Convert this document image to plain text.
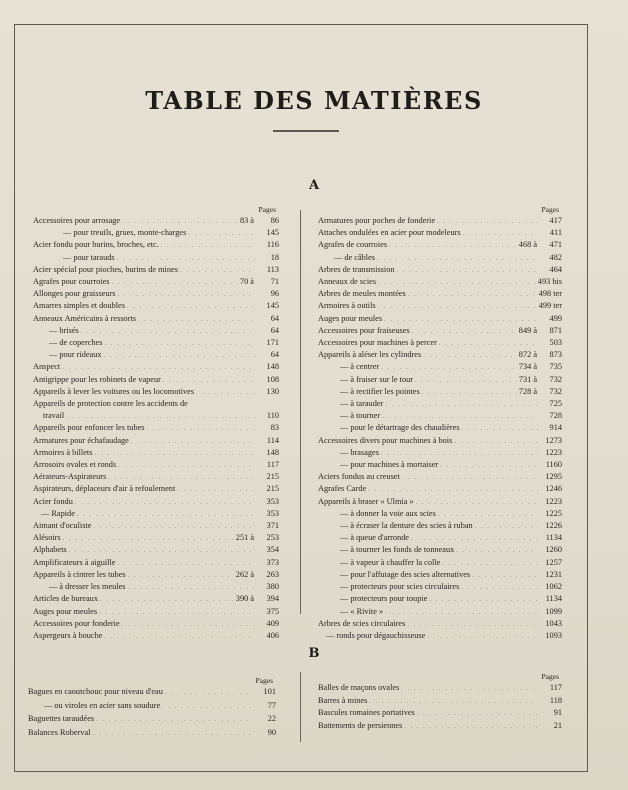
TABLE DES MATIÈRES
A
Pages
Accessoires pour arrosage . . .	83 à	86
— pour treuils, grues, monte-charges . . .	145
Acier fondu pour burins, broches, etc. . . .	116
— pour tarauds . . .	18
Acier spécial pour pioches, burins de mines . . .	113
Agrafes pour courroies . . .	70 à	71
Allonges pour graisseurs . . .	96
Amarres simples et doubles . . .	145
Anneaux Américains à ressorts . . .	64
— brisés . . .	64
— de coperches . . .	171
— pour rideaux . . .	64
Anspect . . .	148
Antigrippe pour les robinets de vapeur . . .	108
Appareils à lever les voitures ou les locomotives . . .	130
Appareils de protection contre les accidents de
travail . . .	110
Appareils pour enfoncer les tubes . . .	83
Armatures pour échafaudage . . .	114
Armoires à billets . . .	148
Arrosoirs ovales et ronds . . .	117
Aérateurs-Aspirateurs . . .	215
Aspirateurs, déplaceurs d'air à refoulement . . .	215
Acier fondu . . .	353
— Rapide . . .	353
Aimant d'oculiste . . .	371
Alésoirs . . .	251 à	253
Alphabets . . .	354
Amplificateurs à aiguille . . .	373
Appareils à cintrer les tubes . . .	262 à	263
— à dresser les meules . . .	380
Articles de bureaux . . .	390 à	394
Auges pour meules . . .	375
Accessoires pour fonderie . . .	409
Aspergeurs à bouche . . .	406
Pages
Armatures pour poches de fonderie . . .	417
Attaches ondulées en acier pour modeleurs . . .	411
Agrafes de courroies . . .	468 à	471
— de câbles . . .	482
Arbres de transmission . . .	464
Anneaux de scies . . .	493 bis
Arbres de meules montées . . .	498 ter
Armoires à outils . . .	499 ter
Auges pour meules . . .	499
Accessoires pour fraiseuses . . .	849 à	871
Accessoires pour machines à percer . . .	503
Appareils à aléser les cylindres . . .	872 à	873
— à centrer . . .	734 à	735
— à fraiser sur le tour . . .	731 à	732
— à rectifier les pointes . . .	728 à	732
— à tarauder . . .	725
— à tourner . . .	728
— pour le détartrage des chaudières . . .	914
Accessoires divers pour machines à bois . . .	1273
— brasages . . .	1223
— pour machines à mortaiser . . .	1160
Aciers fondus au creuset . . .	1295
Agrafes Carde . . .	1246
Appareils à braser « Ulmia » . . .	1223
— à donner la voie aux scies . . .	1225
— à écraser la denture des scies à ruban . . .	1226
— à queue d'arronde . . .	1134
— à tourner les fonds de tonneaux . . .	1260
— à vapeur à chauffer la colle . . .	1257
— pour l'affutage des scies alternatives . . .	1231
— protecteurs pour scies circulaires . . .	1062
— protecteurs pour toupie . . .	1134
— « Rivite » . . .	1099
Arbres de scies circulaires . . .	1043
— ronds pour dégauchisseuse . . .	1093
B
Pages
Bagues en caoutchouc pour niveau d'eau . . .	101
— ou viroles en acier sans soudure . . .	77
Baguettes taraudées . . .	22
Balances Roberval . . .	90
Pages
Balles de maçons ovales . . .	117
Barres à mines . . .	118
Bascules romaines portatives . . .	91
Battements de persiennes . . .	21
